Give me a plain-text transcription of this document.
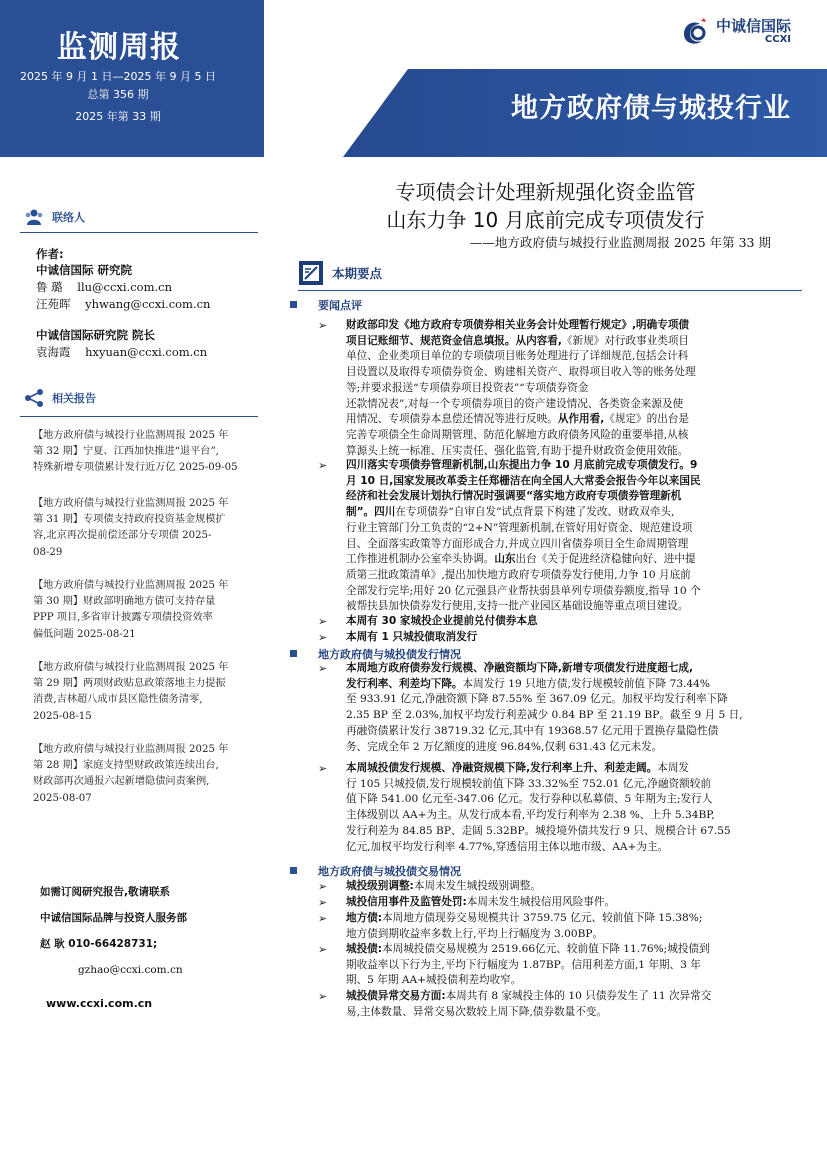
监测周报
2025 年 9 月 1 日—2025 年 9 月 5 日
总第 356 期
2025 年第 33 期
中诚信国际
CCXI
地方政府债与城投行业
联络人
作者:
中诚信国际 研究院
鲁 璐 llu@ccxi.com.cn
汪苑晖 yhwang@ccxi.com.cn
中诚信国际研究院 院长
袁海霞 hxyuan@ccxi.com.cn
相关报告
【地方政府债与城投行业监测周报 2025 年
第 32 期】宁夏、江西加快推进“退平台”,
特殊新增专项债累计发行近万亿 2025-09-05
【地方政府债与城投行业监测周报 2025 年
第 31 期】专项债支持政府投资基金规模扩
容,北京再次提前偿还部分专项债 2025-
08-29
【地方政府债与城投行业监测周报 2025 年
第 30 期】财政部明确地方债可支持存量
PPP 项目,多省审计披露专项债投资效率
偏低问题 2025-08-21
【地方政府债与城投行业监测周报 2025 年
第 29 期】两项财政贴息政策落地主力提振
消费,吉林超八成市县区隐性债务清零,
2025-08-15
【地方政府债与城投行业监测周报 2025 年
第 28 期】家庭支持型财政政策连续出台,
财政部再次通报六起新增隐债问责案例,
2025-08-07
如需订阅研究报告,敬请联系
中诚信国际品牌与投资人服务部
赵 耿 010-66428731;
gzhao@ccxi.com.cn
www.ccxi.com.cn
专项债会计处理新规强化资金监管
山东力争 10 月底前完成专项债发行
——地方政府债与城投行业监测周报 2025 年第 33 期
本期要点
要闻点评
➢ 财政部印发《地方政府专项债券相关业务会计处理暂行规定》,明确专项债
项目记账细节、规范资金信息填报。从内容看,《新规》对行政事业类项目
单位、企业类项目单位的专项债项目账务处理进行了详细规范,包括会计科
目设置以及取得专项债券资金、购建相关资产、取得项目收入等的账务处理
等;并要求报送“专项债券项目投资表”“专项债券资金
还款情况表”,对每一个专项债券项目的资产建设情况、各类资金来源及使
用情况、专项债券本息偿还情况等进行反映。从作用看,《规定》的出台是
完善专项债全生命周期管理、防范化解地方政府债务风险的重要举措,从核
算源头上统一标准、压实责任、强化监管,有助于提升财政资金使用效能。
➢ 四川落实专项债券管理新机制,山东提出力争 10 月底前完成专项债发行。9
月 10 日,国家发展改革委主任郑栅洁在向全国人大常委会报告今年以来国民
经济和社会发展计划执行情况时强调要“落实地方政府专项债券管理新机
制”。四川在专项债券“自审自发”试点背景下构建了发改、财政双牵头,
行业主管部门分工负责的“2+N”管理新机制,在管好用好资金、规范建设项
目、全面落实政策等方面形成合力,并成立四川省债券项目全生命周期管理
工作推进机制办公室牵头协调。山东出台《关于促进经济稳健向好、进中提
质第三批政策清单》,提出加快地方政府专项债券发行使用,力争 10 月底前
全部发行完毕;用好 20 亿元强县产业帮扶弱县单列专项债券额度,指导 10 个
被帮扶县加快债券发行使用,支持一批产业园区基础设施等重点项目建设。
➢ 本周有 30 家城投企业提前兑付债券本息
➢ 本周有 1 只城投债取消发行
地方政府债与城投债发行情况
➢ 本周地方政府债券发行规模、净融资额均下降,新增专项债发行进度超七成,
发行利率、利差均下降。本周发行 19 只地方债,发行规模较前值下降 73.44%
至 933.91 亿元,净融资额下降 87.55% 至 367.09 亿元。加权平均发行利率下降
2.35 BP 至 2.03%,加权平均发行利差减少 0.84 BP 至 21.19 BP。截至 9 月 5 日,
再融资债累计发行 38719.32 亿元,其中有 19368.57 亿元用于置换存量隐性债
务、完成全年 2 万亿额度的进度 96.84%,仅剩 631.43 亿元未发。
➢ 本周城投债发行规模、净融资规模下降,发行利率上升、利差走阔。本周发
行 105 只城投债,发行规模较前值下降 33.32%至 752.01 亿元,净融资额较前
值下降 541.00 亿元至-347.06 亿元。发行券种以私募债、5 年期为主;发行人
主体级别以 AA+为主。从发行成本看,平均发行利率为 2.38 %、上升 5.34BP,
发行利差为 84.85 BP、走阔 5.32BP。城投境外债共发行 9 只、规模合计 67.55
亿元,加权平均发行利率 4.77%,穿透信用主体以地市级、AA+为主。
地方政府债与城投债交易情况
➢ 城投级别调整:本周未发生城投级别调整。
➢ 城投信用事件及监管处罚:本周未发生城投信用风险事件。
➢ 地方债:本周地方债现券交易规模共计 3759.75 亿元、较前值下降 15.38%;
地方债到期收益率多数上行,平均上行幅度为 3.00BP。
➢ 城投债:本周城投债交易规模为 2519.66亿元、较前值下降 11.76%;城投债到
期收益率以下行为主,平均下行幅度为 1.87BP。信用利差方面,1 年期、3 年
期、5 年期 AA+城投债利差均收窄。
➢ 城投债异常交易方面:本周共有 8 家城投主体的 10 只债券发生了 11 次异常交
易,主体数量、异常交易次数较上周下降,债券数量不变。
